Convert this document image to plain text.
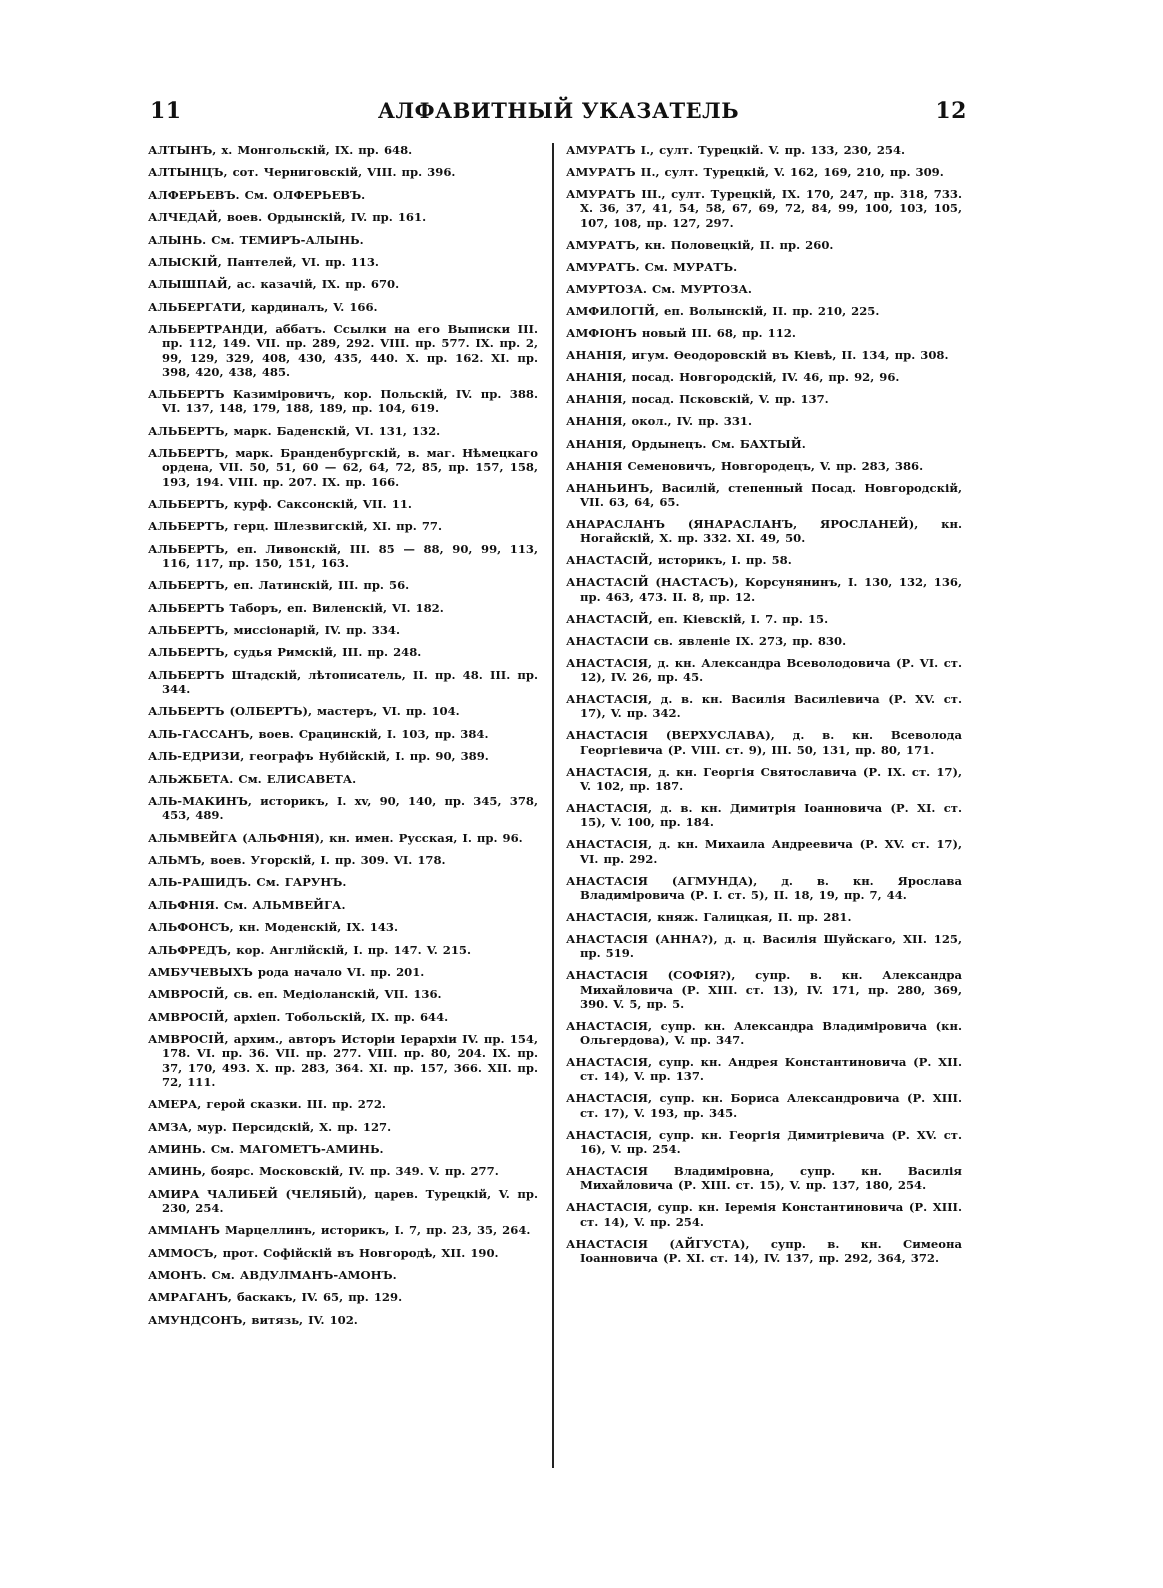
11	АЛФАВИТНЫЙ УКАЗАТЕЛЬ	12
АЛТЫНЪ, х. Монгольскій, IX. пр. 648.
АЛТЫНЦЪ, сот. Черниговскій, VIII. пр. 396.
АЛФЕРЬЕВЪ. См. ОЛФЕРЬЕВЪ.
АЛЧЕДАЙ, воев. Ордынскій, IV. пр. 161.
АЛЫНЬ. См. ТЕМИРЪ-АЛЫНЬ.
АЛЫСКІЙ, Пантелей, VI. пр. 113.
АЛЫШПАЙ, ас. казачій, IX. пр. 670.
АЛЬБЕРГАТИ, кардиналъ, V. 166.
АЛЬБЕРТРАНДИ, аббатъ. Ссылки на его Выписки III. пр. 112, 149. VII. пр. 289, 292. VIII. пр. 577. IX. пр. 2, 99, 129, 329, 408, 430, 435, 440. X. пр. 162. XI. пр. 398, 420, 438, 485.
АЛЬБЕРТЪ Казиміровичъ, кор. Польскій, IV. пр. 388. VI. 137, 148, 179, 188, 189, пр. 104, 619.
АЛЬБЕРТЪ, марк. Баденскій, VI. 131, 132.
АЛЬБЕРТЪ, марк. Бранденбургскій, в. маг. Нѣмецкаго ордена, VII. 50, 51, 60 — 62, 64, 72, 85, пр. 157, 158, 193, 194. VIII. пр. 207. IX. пр. 166.
АЛЬБЕРТЪ, курф. Саксонскій, VII. 11.
АЛЬБЕРТЪ, герц. Шлезвигскій, XI. пр. 77.
АЛЬБЕРТЪ, еп. Ливонскій, III. 85 — 88, 90, 99, 113, 116, 117, пр. 150, 151, 163.
АЛЬБЕРТЪ, еп. Латинскій, III. пр. 56.
АЛЬБЕРТЪ Таборъ, еп. Виленскій, VI. 182.
АЛЬБЕРТЪ, миссіонарій, IV. пр. 334.
АЛЬБЕРТЪ, судья Римскій, III. пр. 248.
АЛЬБЕРТЪ Штадскій, лѣтописатель, II. пр. 48. III. пр. 344.
АЛЬБЕРТЪ (ОЛБЕРТЪ), мастеръ, VI. пр. 104.
АЛЬ-ГАССАНЪ, воев. Срацинскій, I. 103, пр. 384.
АЛЬ-ЕДРИЗИ, географъ Нубійскій, I. пр. 90, 389.
АЛЬЖБЕТА. См. ЕЛИСАВЕТА.
АЛЬ-МАКИНЪ, историкъ, I. xv, 90, 140, пр. 345, 378, 453, 489.
АЛЬМВЕЙГА (АЛЬФНІЯ), кн. имен. Русская, I. пр. 96.
АЛЬМЪ, воев. Угорскій, I. пр. 309. VI. 178.
АЛЬ-РАШИДЪ. См. ГАРУНЪ.
АЛЬФНІЯ. См. АЛЬМВЕЙГА.
АЛЬФОНСЪ, кн. Моденскій, IX. 143.
АЛЬФРЕДЪ, кор. Англійскій, I. пр. 147. V. 215.
АМБУЧЕВЫХЪ рода начало VI. пр. 201.
АМВРОСІЙ, св. еп. Медіоланскій, VII. 136.
АМВРОСІЙ, архіеп. Тобольскій, IX. пр. 644.
АМВРОСІЙ, архим., авторъ Исторіи Іерархіи IV. пр. 154, 178. VI. пр. 36. VII. пр. 277. VIII. пр. 80, 204. IX. пр. 37, 170, 493. X. пр. 283, 364. XI. пр. 157, 366. XII. пр. 72, 111.
АМЕРА, герой сказки. III. пр. 272.
АМЗА, мур. Персидскій, X. пр. 127.
АМИНЬ. См. МАГОМЕТЪ-АМИНЬ.
АМИНЬ, боярс. Московскій, IV. пр. 349. V. пр. 277.
АМИРА ЧАЛИБЕЙ (ЧЕЛЯБІЙ), царев. Турецкій, V. пр. 230, 254.
АММІАНЪ Марцеллинъ, историкъ, I. 7, пр. 23, 35, 264.
АММОСЪ, прот. Софійскій въ Новгородѣ, XII. 190.
АМОНЪ. См. АВДУЛМАНЪ-АМОНЪ.
АМРАГАНЪ, баскакъ, IV. 65, пр. 129.
АМУНДСОНЪ, витязь, IV. 102.
АМУРАТЪ I., султ. Турецкій. V. пр. 133, 230, 254.
АМУРАТЪ II., султ. Турецкій, V. 162, 169, 210, пр. 309.
АМУРАТЪ III., султ. Турецкій, IX. 170, 247, пр. 318, 733. X. 36, 37, 41, 54, 58, 67, 69, 72, 84, 99, 100, 103, 105, 107, 108, пр. 127, 297.
АМУРАТЪ, кн. Половецкій, II. пр. 260.
АМУРАТЪ. См. МУРАТЪ.
АМУРТОЗА. См. МУРТОЗА.
АМФИЛОГІЙ, еп. Волынскій, II. пр. 210, 225.
АМФІОНЪ новый III. 68, пр. 112.
АНАНІЯ, игум. Ѳеодоровскій въ Кіевѣ, II. 134, пр. 308.
АНАНІЯ, посад. Новгородскій, IV. 46, пр. 92, 96.
АНАНІЯ, посад. Псковскій, V. пр. 137.
АНАНІЯ, окол., IV. пр. 331.
АНАНІЯ, Ордынецъ. См. БАХТЫЙ.
АНАНІЯ Семеновичъ, Новгородецъ, V. пр. 283, 386.
АНАНЬИНЪ, Василій, степенный Посад. Новгородскій, VII. 63, 64, 65.
АНАРАСЛАНЪ (ЯНАРАСЛАНЪ, ЯРОСЛАНЕЙ), кн. Ногайскій, X. пр. 332. XI. 49, 50.
АНАСТАСІЙ, историкъ, I. пр. 58.
АНАСТАСІЙ (НАСТАСЪ), Корсунянинъ, I. 130, 132, 136, пр. 463, 473. II. 8, пр. 12.
АНАСТАСІЙ, еп. Кіевскій, I. 7. пр. 15.
АНАСТАСІИ св. явленіе IX. 273, пр. 830.
АНАСТАСІЯ, д. кн. Александра Всеволодовича (Р. VI. ст. 12), IV. 26, пр. 45.
АНАСТАСІЯ, д. в. кн. Василія Василіевича (Р. XV. ст. 17), V. пр. 342.
АНАСТАСІЯ (ВЕРХУСЛАВА), д. в. кн. Всеволода Георгіевича (Р. VIII. ст. 9), III. 50, 131, пр. 80, 171.
АНАСТАСІЯ, д. кн. Георгія Святославича (Р. IX. ст. 17), V. 102, пр. 187.
АНАСТАСІЯ, д. в. кн. Димитрія Іоанновича (Р. XI. ст. 15), V. 100, пр. 184.
АНАСТАСІЯ, д. кн. Михаила Андреевича (Р. XV. ст. 17), VI. пр. 292.
АНАСТАСІЯ (АГМУНДА), д. в. кн. Ярослава Владиміровича (Р. I. ст. 5), II. 18, 19, пр. 7, 44.
АНАСТАСІЯ, княж. Галицкая, II. пр. 281.
АНАСТАСІЯ (АННА?), д. ц. Василія Шуйскаго, XII. 125, пр. 519.
АНАСТАСІЯ (СОФІЯ?), супр. в. кн. Александра Михайловича (Р. XIII. ст. 13), IV. 171, пр. 280, 369, 390. V. 5, пр. 5.
АНАСТАСІЯ, супр. кн. Александра Владиміровича (кн. Ольгердова), V. пр. 347.
АНАСТАСІЯ, супр. кн. Андрея Константиновича (Р. XII. ст. 14), V. пр. 137.
АНАСТАСІЯ, супр. кн. Бориса Александровича (Р. XIII. ст. 17), V. 193, пр. 345.
АНАСТАСІЯ, супр. кн. Георгія Димитріевича (Р. XV. ст. 16), V. пр. 254.
АНАСТАСІЯ Владиміровна, супр. кн. Василія Михайловича (Р. XIII. ст. 15), V. пр. 137, 180, 254.
АНАСТАСІЯ, супр. кн. Іеремія Константиновича (Р. XIII. ст. 14), V. пр. 254.
АНАСТАСІЯ (АЙГУСТА), супр. в. кн. Симеона Іоанновича (Р. XI. ст. 14), IV. 137, пр. 292, 364, 372.
